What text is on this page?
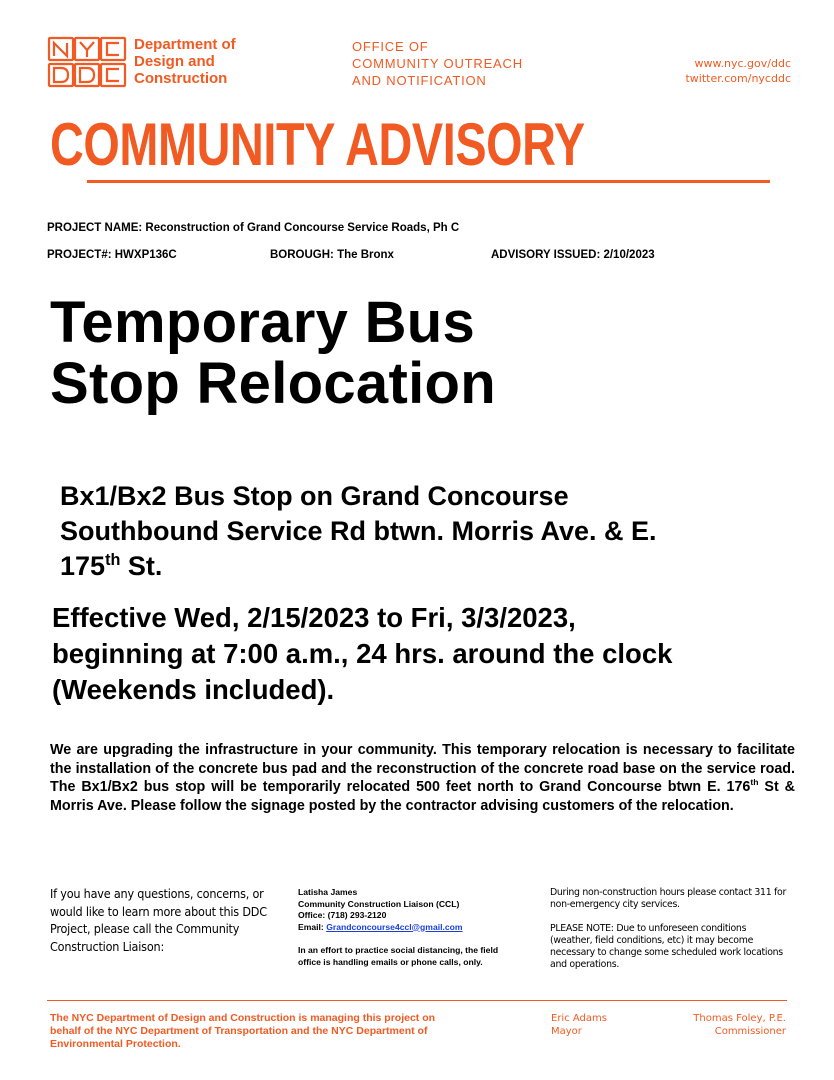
Department of
Design and
Construction
OFFICE OF
COMMUNITY OUTREACH
AND NOTIFICATION
www.nyc.gov/ddc
twitter.com/nycddc
COMMUNITY ADVISORY
PROJECT NAME: Reconstruction of Grand Concourse Service Roads, Ph C
PROJECT#: HWXP136C	BOROUGH: The Bronx	ADVISORY ISSUED: 2/10/2023
Temporary Bus
Stop Relocation
Bx1/Bx2 Bus Stop on Grand Concourse
Southbound Service Rd btwn. Morris Ave. & E.
175th St.
Effective Wed, 2/15/2023 to Fri, 3/3/2023,
beginning at 7:00 a.m., 24 hrs. around the clock
(Weekends included).
We are upgrading the infrastructure in your community. This temporary relocation is necessary to facilitate the installation of the concrete bus pad and the reconstruction of the concrete road base on the service road. The Bx1/Bx2 bus stop will be temporarily relocated 500 feet north to Grand Concourse btwn E. 176th St & Morris Ave. Please follow the signage posted by the contractor advising customers of the relocation.
If you have any questions, concerns, or would like to learn more about this DDC Project, please call the Community Construction Liaison:
Latisha James
Community Construction Liaison (CCL)
Office: (718) 293-2120
Email: Grandconcourse4ccl@gmail.com
In an effort to practice social distancing, the field office is handling emails or phone calls, only.
During non-construction hours please contact 311 for non-emergency city services.
PLEASE NOTE: Due to unforeseen conditions (weather, field conditions, etc) it may become necessary to change some scheduled work locations and operations.
The NYC Department of Design and Construction is managing this project on behalf of the NYC Department of Transportation and the NYC Department of Environmental Protection.
Eric Adams
Mayor
Thomas Foley, P.E.
Commissioner
